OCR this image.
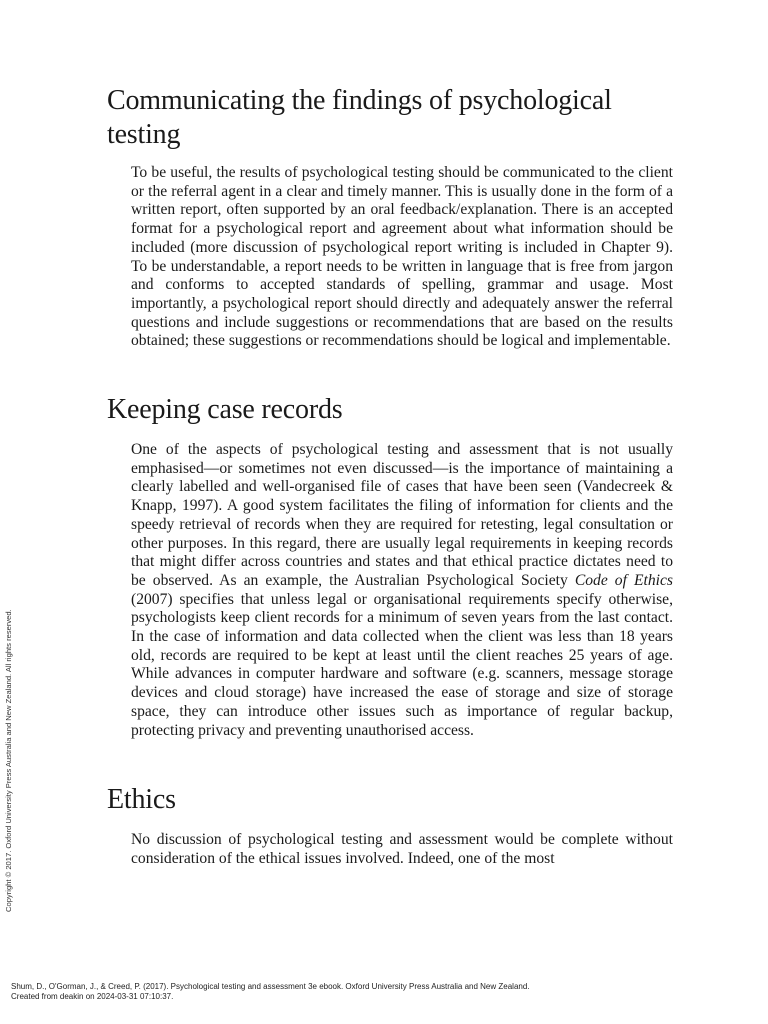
Communicating the findings of psychological testing

To be useful, the results of psychological testing should be communicated to the client or the referral agent in a clear and timely manner. This is usually done in the form of a written report, often supported by an oral feedback/explanation. There is an accepted format for a psychological report and agreement about what information should be included (more discussion of psychological report writing is included in Chapter 9). To be understandable, a report needs to be written in language that is free from jargon and conforms to accepted standards of spelling, grammar and usage. Most importantly, a psychological report should directly and adequately answer the referral questions and include suggestions or recommendations that are based on the results obtained; these suggestions or recommendations should be logical and implementable.

Keeping case records

One of the aspects of psychological testing and assessment that is not usually emphasised—or sometimes not even discussed—is the importance of maintaining a clearly labelled and well-organised file of cases that have been seen (Vandecreek & Knapp, 1997). A good system facilitates the filing of information for clients and the speedy retrieval of records when they are required for retesting, legal consultation or other purposes. In this regard, there are usually legal requirements in keeping records that might differ across countries and states and that ethical practice dictates need to be observed. As an example, the Australian Psychological Society Code of Ethics (2007) specifies that unless legal or organisational requirements specify otherwise, psychologists keep client records for a minimum of seven years from the last contact. In the case of information and data collected when the client was less than 18 years old, records are required to be kept at least until the client reaches 25 years of age. While advances in computer hardware and software (e.g. scanners, message storage devices and cloud storage) have increased the ease of storage and size of storage space, they can introduce other issues such as importance of regular backup, protecting privacy and preventing unauthorised access.

Ethics

No discussion of psychological testing and assessment would be complete without consideration of the ethical issues involved. Indeed, one of the most

Copyright © 2017. Oxford University Press Australia and New Zealand. All rights reserved.
Shum, D., O'Gorman, J., & Creed, P. (2017). Psychological testing and assessment 3e ebook. Oxford University Press Australia and New Zealand.
Created from deakin on 2024-03-31 07:10:37.
